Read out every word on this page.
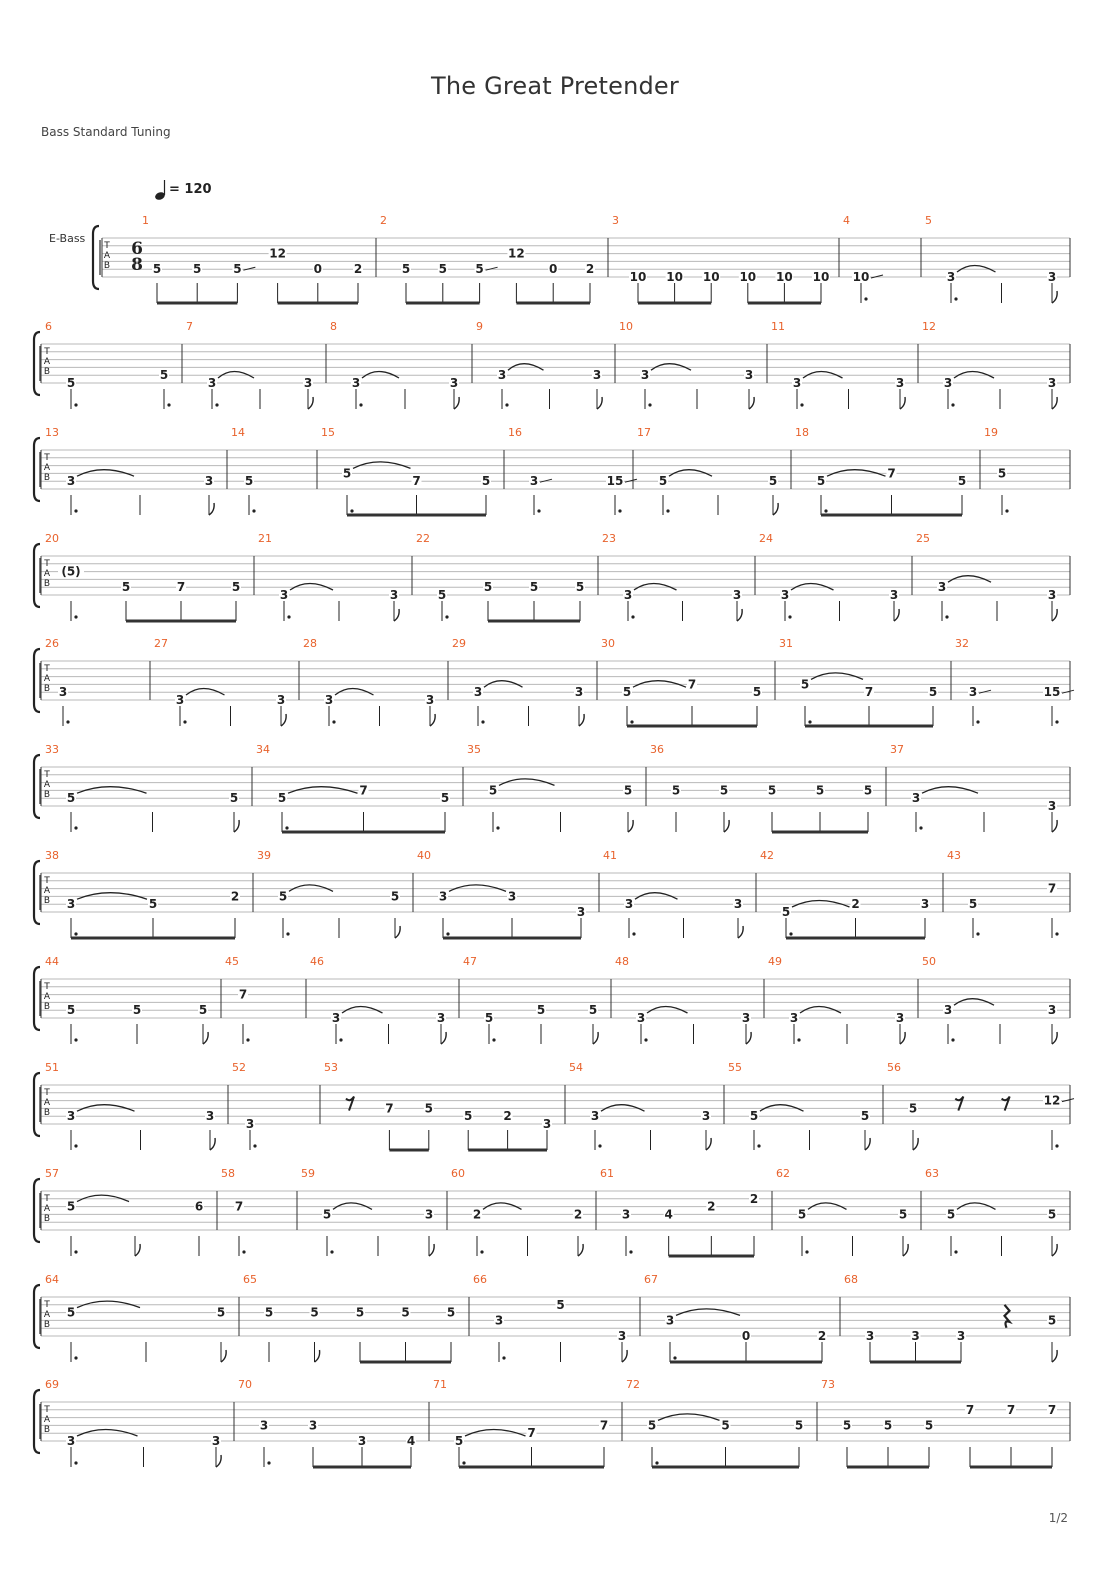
The Great Pretender
Bass Standard Tuning
1/2
= 120
E-Bass
T
A
B
6
8
1
5	5	5
12
0	2
2
5 5 5
12
0 2
3
10 10 10 10 10 10
4
10
5
3	3
T
A
B
6
5
5
7
3	3
8
3	3
9
3	3
10
3	3
11
3	3
12
3	3
T
A
B
13
3	3
14
5
15
5
7	5
16
3	15
17
5	5
18
5
7
5
19
5
T
A
B
20
(5)
5	7	5
21
3	3
22
5
5	5	5
23
3	3
24
3	3
25
3
3
T
A
B
26
3
27
3	3
28
3	3
29
3	3
30
5
7
5
31
5
7	5
32
3	15
T
A
B
33
5	5
34
5
7
5
35
5	5
36
5	5	5	5	5
37
3
3
T
A
B
38
3	5
2
39
5	5
40
3	3
3
41
3	3
42
5
2	3
43
5
7
T
A
B
44
5	5	5
45
7
46
3	3
47
5
5	5
48
3	3
49
3	3
50
3	3
T
A
B
51
3	3
52
3
53
7	5
5	2
3
54
3	3
55
5	5
56
5
12
T
A
B
57
5	6
58
7
59
5	3
60
2	2
61
3	4
2
2
62
5	5
63
5	5
T
A
B
64
5	5
65
5	5	5	5	5
66
3
5
3
67
3
0	2
68
3	3	3
5
T
A
B
69
3	3
70
3	3
3	4
71
5
7
7
72
5	5	5
73
5	5	5
7	7	7
